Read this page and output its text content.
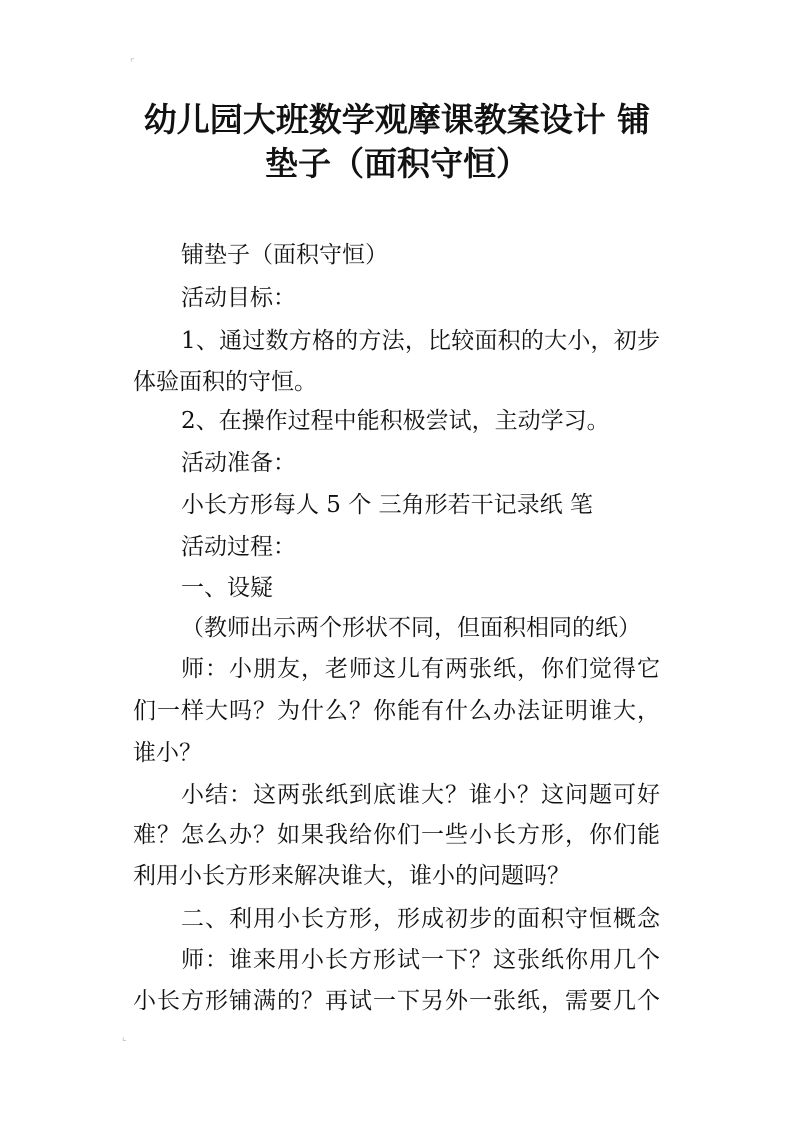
⌜
⌞
幼儿园大班数学观摩课教案设计 铺
垫子（面积守恒）
铺垫子（面积守恒）
活动目标：
1、通过数方格的方法，比较面积的大小，初步
体验面积的守恒。
2、在操作过程中能积极尝试，主动学习。
活动准备：
小长方形每人 5 个 三角形若干记录纸 笔
活动过程：
一、设疑
（教师出示两个形状不同，但面积相同的纸）
师：小朋友，老师这儿有两张纸，你们觉得它
们一样大吗？为什么？你能有什么办法证明谁大，
谁小？
小结：这两张纸到底谁大？谁小？这问题可好
难？怎么办？如果我给你们一些小长方形，你们能
利用小长方形来解决谁大，谁小的问题吗？
二、利用小长方形，形成初步的面积守恒概念
师：谁来用小长方形试一下？这张纸你用几个
小长方形铺满的？再试一下另外一张纸，需要几个
